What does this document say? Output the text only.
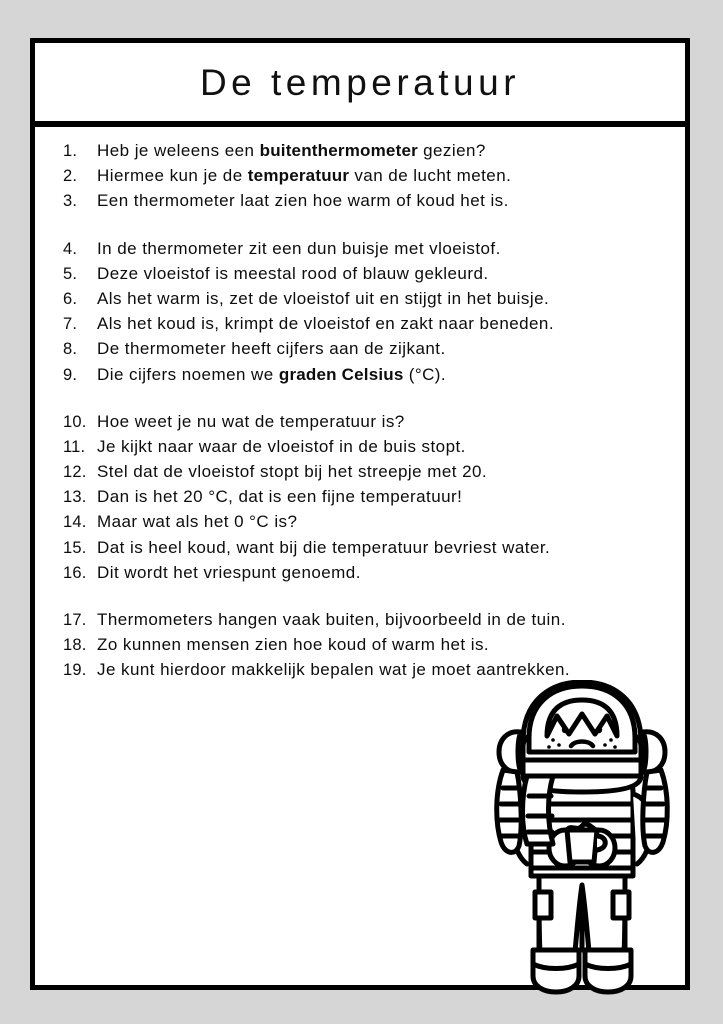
De temperatuur
1.	Heb je weleens een buitenthermometer gezien?
2.	Hiermee kun je de temperatuur van de lucht meten.
3.	Een thermometer laat zien hoe warm of koud het is.
4.	In de thermometer zit een dun buisje met vloeistof.
5.	Deze vloeistof is meestal rood of blauw gekleurd.
6.	Als het warm is, zet de vloeistof uit en stijgt in het buisje.
7.	Als het koud is, krimpt de vloeistof en zakt naar beneden.
8.	De thermometer heeft cijfers aan de zijkant.
9.	Die cijfers noemen we graden Celsius (°C).
10. Hoe weet je nu wat de temperatuur is?
11. Je kijkt naar waar de vloeistof in de buis stopt.
12. Stel dat de vloeistof stopt bij het streepje met 20.
13. Dan is het 20 °C, dat is een fijne temperatuur!
14. Maar wat als het 0 °C is?
15. Dat is heel koud, want bij die temperatuur bevriest water.
16. Dit wordt het vriespunt genoemd.
17. Thermometers hangen vaak buiten, bijvoorbeeld in de tuin.
18. Zo kunnen mensen zien hoe koud of warm het is.
19. Je kunt hierdoor makkelijk bepalen wat je moet aantrekken.
